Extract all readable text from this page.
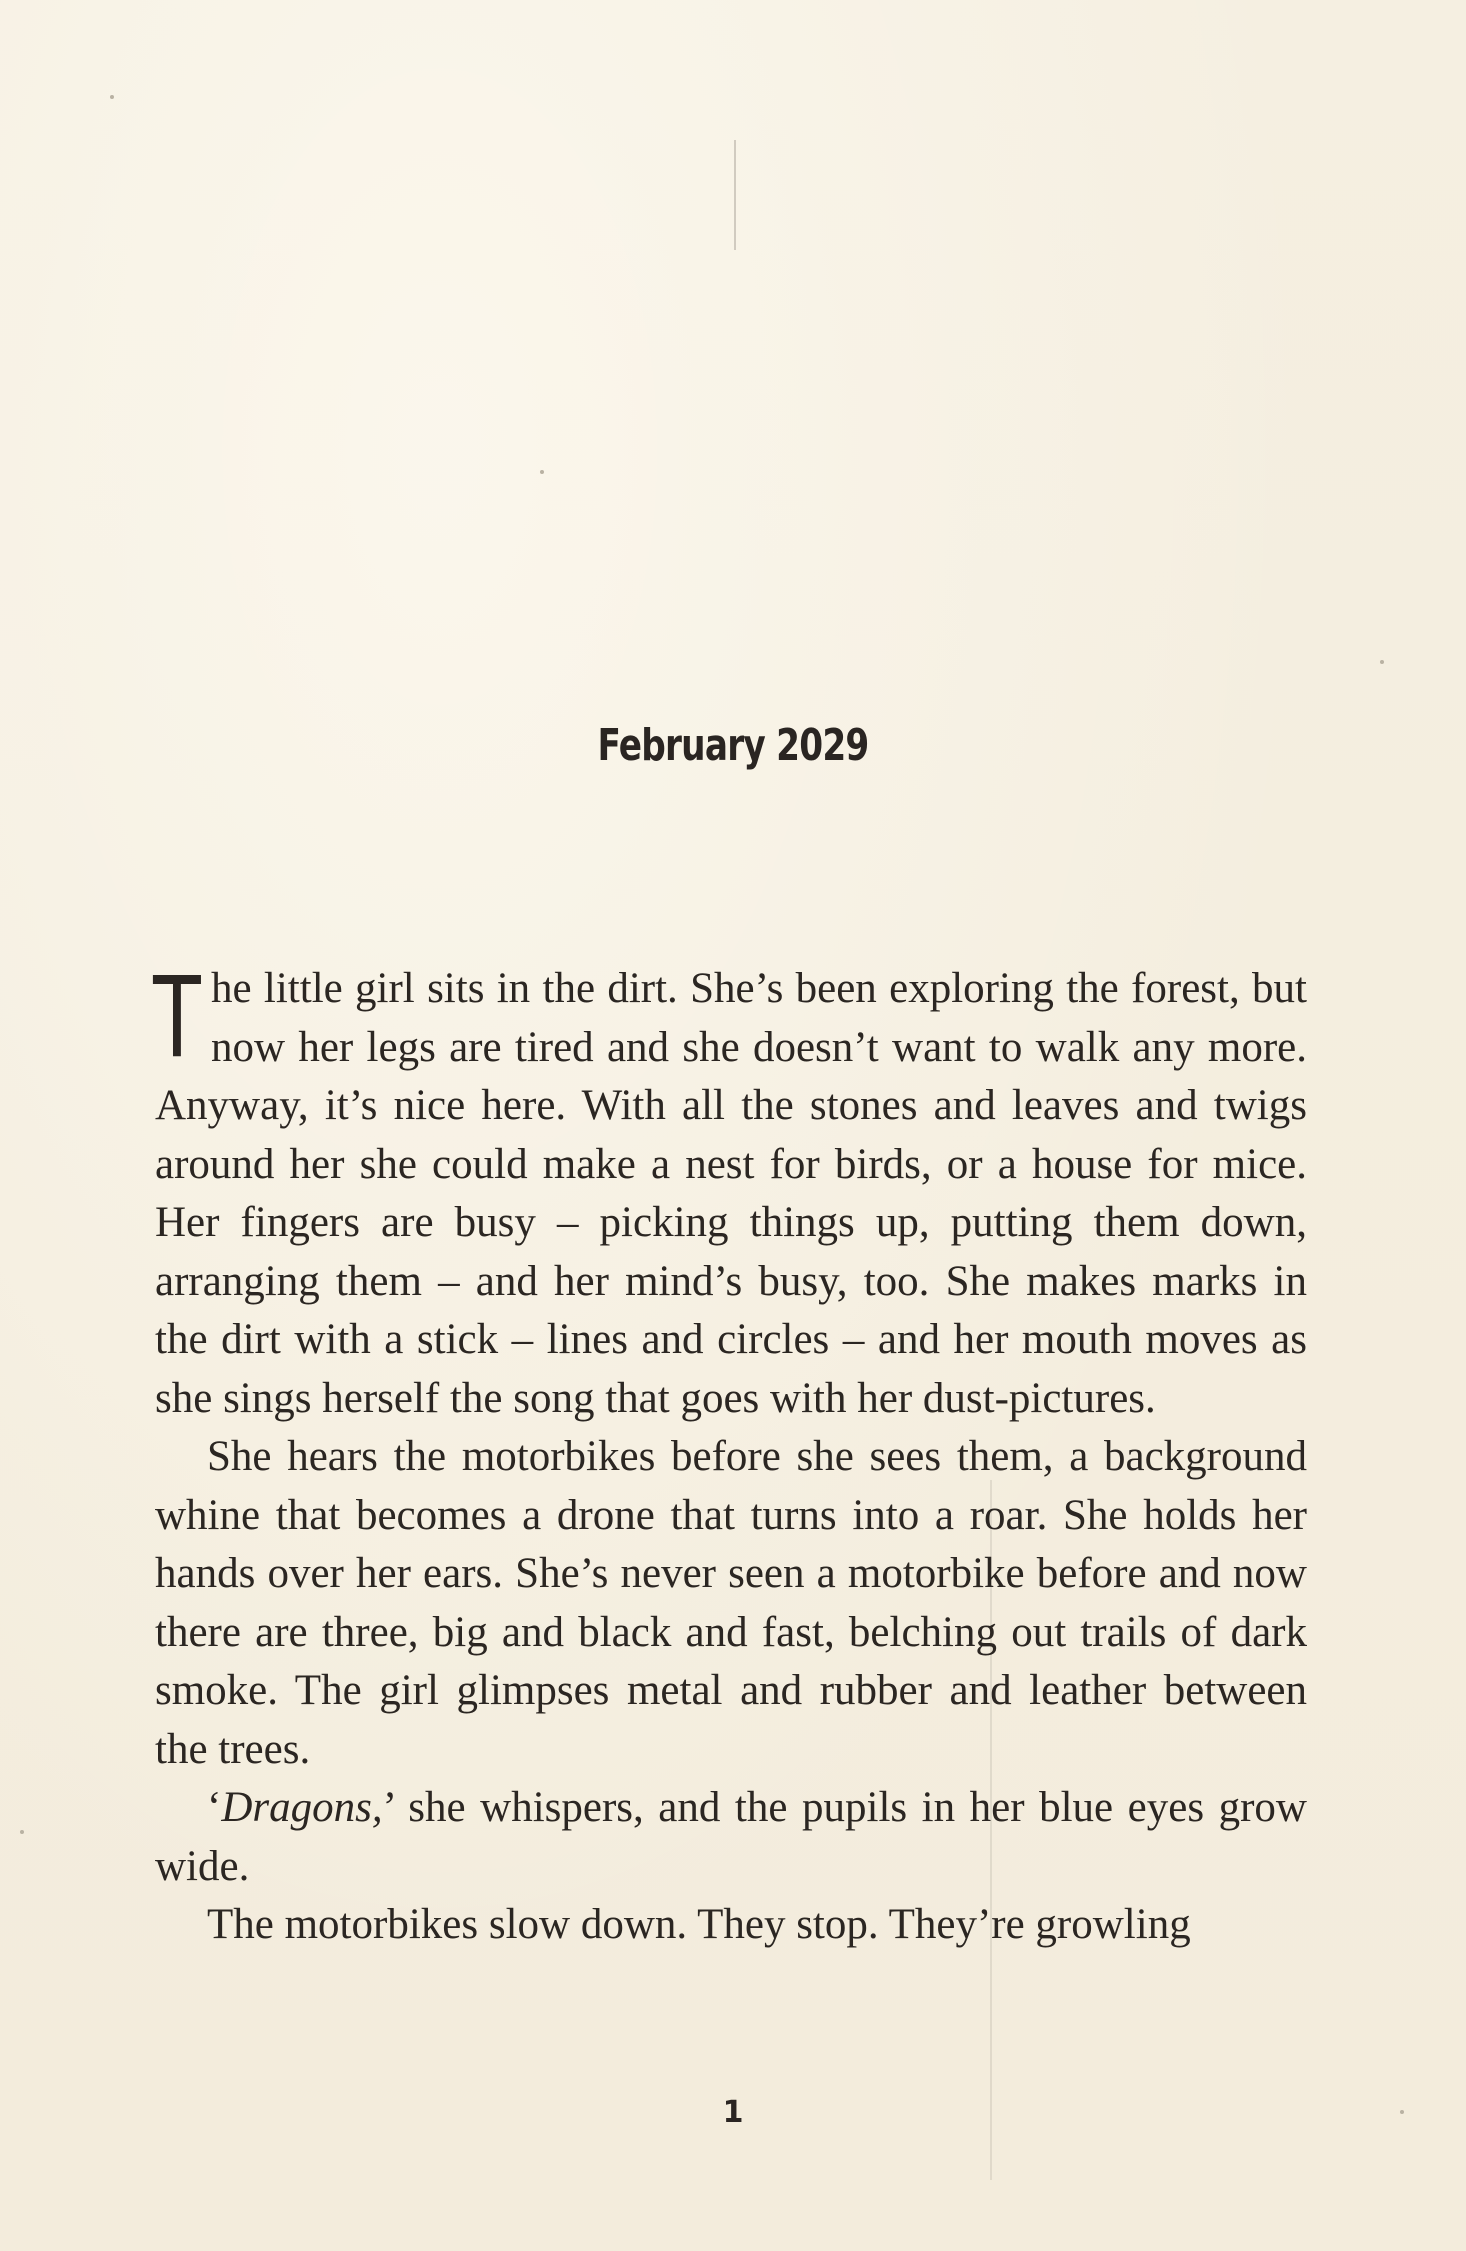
February 2029

The little girl sits in the dirt. She’s been exploring the forest, but now her legs are tired and she doesn’t want to walk any more. Anyway, it’s nice here. With all the stones and leaves and twigs around her she could make a nest for birds, or a house for mice. Her fingers are busy – picking things up, putting them down, arranging them – and her mind’s busy, too. She makes marks in the dirt with a stick – lines and circles – and her mouth moves as she sings herself the song that goes with her dust-pictures.

She hears the motorbikes before she sees them, a background whine that becomes a drone that turns into a roar. She holds her hands over her ears. She’s never seen a motorbike before and now there are three, big and black and fast, belching out trails of dark smoke. The girl glimpses metal and rubber and leather between the trees.

‘Dragons,’ she whispers, and the pupils in her blue eyes grow wide.

The motorbikes slow down. They stop. They’re growling

1
